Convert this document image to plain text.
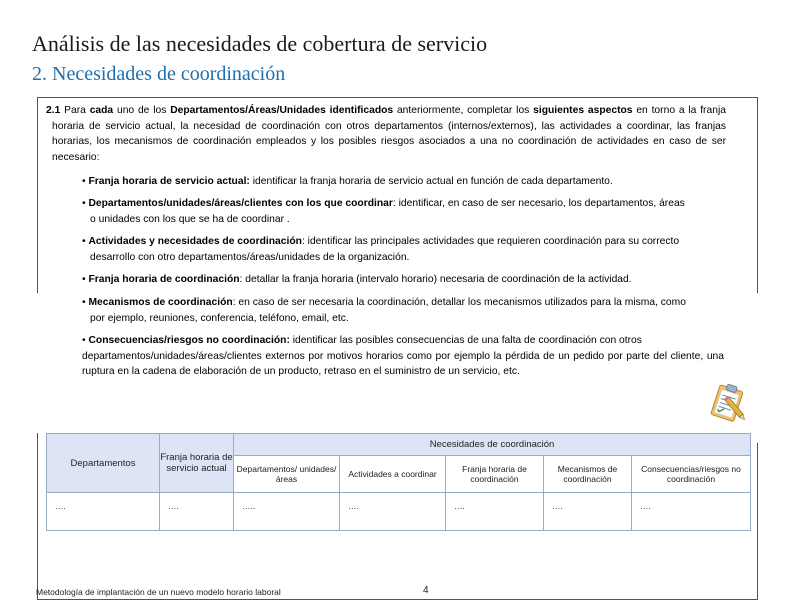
Análisis de las necesidades de cobertura de servicio
2. Necesidades de coordinación
2.1 Para cada uno de los Departamentos/Áreas/Unidades identificados anteriormente, completar los siguientes aspectos en torno a la franja horaria de servicio actual, la necesidad de coordinación con otros departamentos (internos/externos), las actividades a coordinar, las franjas horarias, los mecanismos de coordinación empleados y los posibles riesgos asociados a una no coordinación de actividades en caso de ser necesario:
• Franja horaria de servicio actual: identificar la franja horaria de servicio actual en función de cada departamento.
• Departamentos/unidades/áreas/clientes con los que coordinar: identificar, en caso de ser necesario, los departamentos, áreas
o unidades con los que se ha de coordinar .
• Actividades y necesidades de coordinación: identificar las principales actividades que requieren coordinación para su correcto
desarrollo con otro departamentos/áreas/unidades de la organización.
• Franja horaria de coordinación: detallar la franja horaria (intervalo horario) necesaria de coordinación de la actividad.
• Mecanismos de coordinación: en caso de ser necesaria la coordinación, detallar los mecanismos utilizados para la misma, como
por ejemplo, reuniones, conferencia, teléfono, email, etc.
• Consecuencias/riesgos no coordinación: identificar las posibles consecuencias de una falta de coordinación con otros
departamentos/unidades/áreas/clientes externos por motivos horarios como por ejemplo la pérdida de un pedido por parte del cliente, una ruptura en la cadena de elaboración de un producto, retraso en el suministro de un servicio, etc.
Departamentos	Franja horaria de servicio actual	Necesidades de coordinación				
		Departamentos/ unidades/ áreas	Actividades a coordinar	Franja horaria de coordinación	Mecanismos de coordinación	Consecuencias/riesgos no coordinación
….	….	…..	….	….	….	….
Metodología de implantación de un nuevo modelo horario laboral	4
